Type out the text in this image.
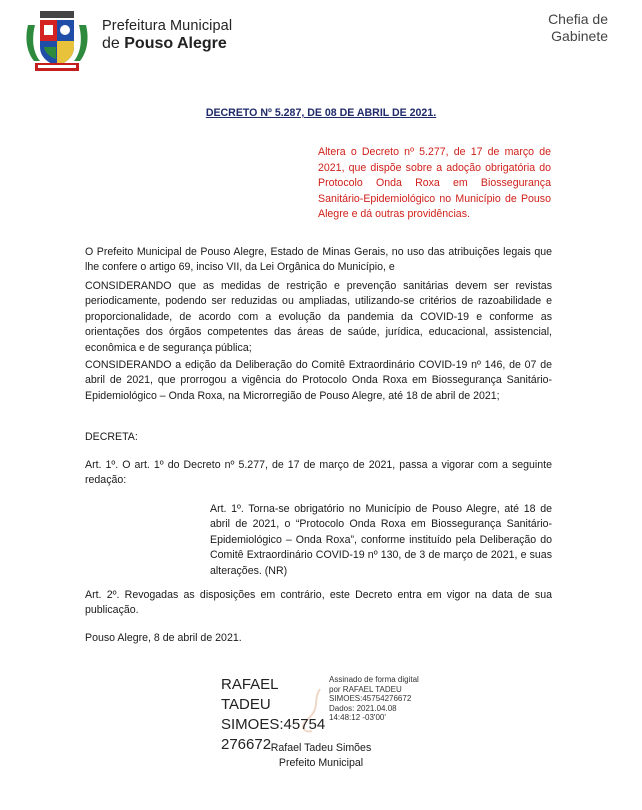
Prefeitura Municipal
de Pouso Alegre
Chefia de
Gabinete
DECRETO Nº 5.287, DE 08 DE ABRIL DE 2021.
Altera o Decreto nº 5.277, de 17 de março de 2021, que dispõe sobre a adoção obrigatória do Protocolo Onda Roxa em Biossegurança Sanitário-Epidemiológico no Município de Pouso Alegre e dá outras providências.
O Prefeito Municipal de Pouso Alegre, Estado de Minas Gerais, no uso das atribuições legais que lhe confere o artigo 69, inciso VII, da Lei Orgânica do Município, e
CONSIDERANDO que as medidas de restrição e prevenção sanitárias devem ser revistas periodicamente, podendo ser reduzidas ou ampliadas, utilizando-se critérios de razoabilidade e proporcionalidade, de acordo com a evolução da pandemia da COVID-19 e conforme as orientações dos órgãos competentes das áreas de saúde, jurídica, educacional, assistencial, econômica e de segurança pública;
CONSIDERANDO a edição da Deliberação do Comitê Extraordinário COVID-19 nº 146, de 07 de abril de 2021, que prorrogou a vigência do Protocolo Onda Roxa em Biossegurança Sanitário-Epidemiológico – Onda Roxa, na Microrregião de Pouso Alegre, até 18 de abril de 2021;
DECRETA:
Art. 1º. O art. 1º do Decreto nº 5.277, de 17 de março de 2021, passa a vigorar com a seguinte redação:
Art. 1º. Torna-se obrigatório no Município de Pouso Alegre, até 18 de abril de 2021, o “Protocolo Onda Roxa em Biossegurança Sanitário-Epidemiológico – Onda Roxa”, conforme instituído pela Deliberação do Comitê Extraordinário COVID-19 nº 130, de 3 de março de 2021, e suas alterações. (NR)
Art. 2º. Revogadas as disposições em contrário, este Decreto entra em vigor na data de sua publicação.
Pouso Alegre, 8 de abril de 2021.
RAFAEL TADEU
SIMOES:45754
276672
Assinado de forma digital
por RAFAEL TADEU
SIMOES:45754276672
Dados: 2021.04.08
14:48:12 -03'00'
Rafael Tadeu Simões
Prefeito Municipal
